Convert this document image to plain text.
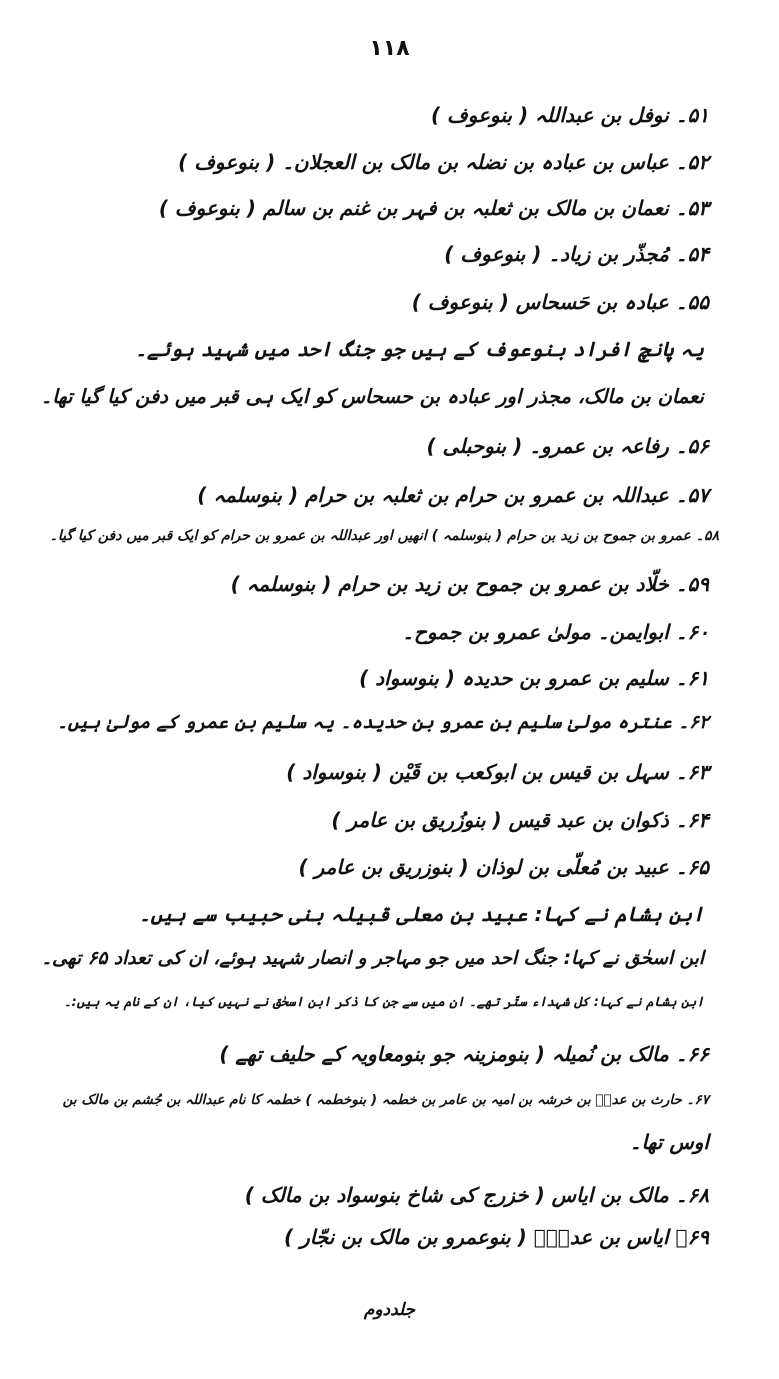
۱۱۸
۵۱۔ نوفل بن عبداللہ ( بنوعوف )
۵۲۔ عباس بن عبادہ بن نضلہ بن مالک بن العجلان۔ ( بنوعوف )
۵۳۔ نعمان بن مالک بن ثعلبہ بن فہر بن غنم بن سالم ( بنوعوف )
۵۴۔ مُجذّر بن زیاد۔ ( بنوعوف )
۵۵۔ عبادہ بن حَسحاس ( بنوعوف )
یہ پانچ افراد بنوعوف کے ہیں جو جنگ احد میں شہید ہوئے۔
نعمان بن مالک، مجذر اور عبادہ بن حسحاس کو ایک ہی قبر میں دفن کیا گیا تھا۔
۵۶۔ رفاعہ بن عمرو۔ ( بنوحبلی )
۵۷۔ عبداللہ بن عمرو بن حرام بن ثعلبہ بن حرام ( بنوسلمہ )
۵۸۔ عمرو بن جموح بن زید بن حرام ( بنوسلمہ ) انھیں اور عبداللہ بن عمرو بن حرام کو ایک قبر میں دفن کیا گیا۔
۵۹۔ خلّاد بن عمرو بن جموح بن زید بن حرام ( بنوسلمہ )
۶۰۔ ابوایمن۔ مولیٰ عمرو بن جموح۔
۶۱۔ سلیم بن عمرو بن حدیدہ ( بنوسواد )
۶۲۔ عنترہ مولیٰ سلیم بن عمرو بن حدیدہ۔ یہ سلیم بن عمرو کے مولیٰ ہیں۔
۶۳۔ سہل بن قیس بن ابوکعب بن قَیْن ( بنوسواد )
۶۴۔ ذکوان بن عبد قیس ( بنوزُریق بن عامر )
۶۵۔ عبید بن مُعلّی بن لوذان ( بنوزریق بن عامر )
ابن ہشام نے کہا: عبید بن معلی قبیلہ بنی حبیب سے ہیں۔
ابن اسحٰق نے کہا: جنگ احد میں جو مہاجر و انصار شہید ہوئے، ان کی تعداد ۶۵ تھی۔
ابن ہشام نے کہا: کل شہداء ستّر تھے۔ ان میں سے جن کا ذکر ابن اسحٰق نے نہیں کیا، ان کے نام یہ ہیں:۔
۶۶۔ مالک بن نُمیلہ ( بنومزینہ جو بنومعاویہ کے حلیف تھے )
۶۷۔ حارث بن عدیؔ بن خرشہ بن امیہ بن عامر بن خطمہ ( بنوخطمہ ) خطمہ کا نام عبداللہ بن جُشم بن مالک بن
اوس تھا۔
۶۸۔ مالک بن ایاس ( خزرج کی شاخ بنوسواد بن مالک )
۶۹۔ ایاس بن عدیؔ۔ ( بنوعمرو بن مالک بن نجّار )
جلددوم
